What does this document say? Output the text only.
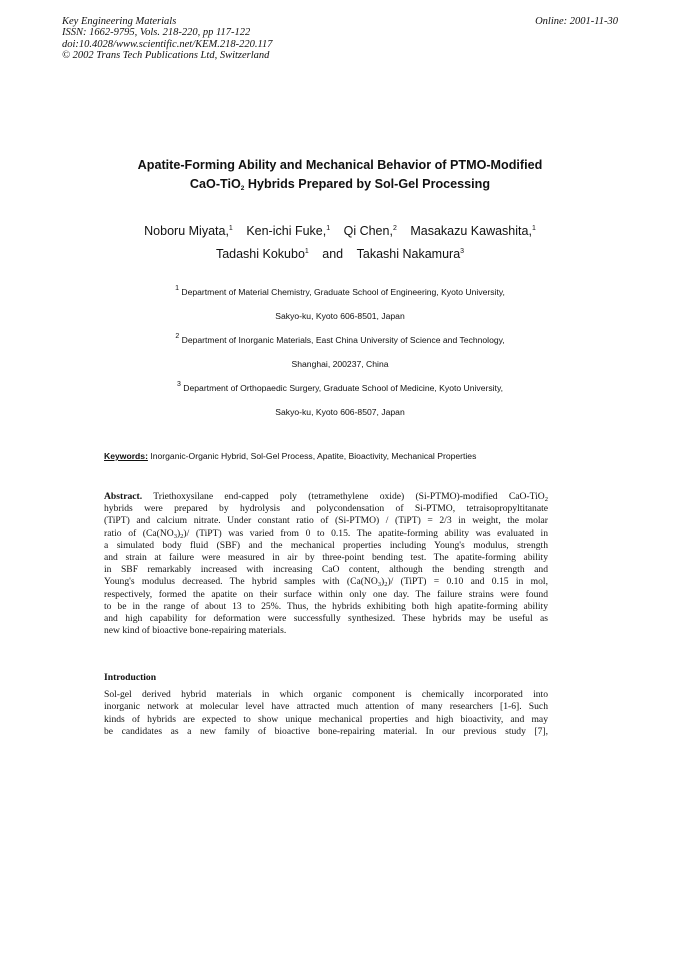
Key Engineering Materials
ISSN: 1662-9795, Vols. 218-220, pp 117-122
doi:10.4028/www.scientific.net/KEM.218-220.117
© 2002 Trans Tech Publications Ltd, Switzerland
Online: 2001-11-30
Apatite-Forming Ability and Mechanical Behavior of PTMO-Modified
CaO-TiO$_2$ Hybrids Prepared by Sol-Gel Processing
Noboru Miyata,$^1$ Ken-ichi Fuke,$^1$ Qi Chen,$^2$ Masakazu Kawashita,$^1$
Tadashi Kokubo$^1$ and Takashi Nakamura$^3$
$^1$ Department of Material Chemistry, Graduate School of Engineering, Kyoto University,
Sakyo-ku, Kyoto 606-8501, Japan
$^2$ Department of Inorganic Materials, East China University of Science and Technology,
Shanghai, 200237, China
$^3$ Department of Orthopaedic Surgery, Graduate School of Medicine, Kyoto University,
Sakyo-ku, Kyoto 606-8507, Japan
Keywords: Inorganic-Organic Hybrid, Sol-Gel Process, Apatite, Bioactivity, Mechanical Properties
Abstract. Triethoxysilane end-capped poly (tetramethylene oxide) (Si-PTMO)-modified CaO-TiO$_2$
hybrids were prepared by hydrolysis and polycondensation of Si-PTMO, tetraisopropyltitanate
(TiPT) and calcium nitrate. Under constant ratio of (Si-PTMO) / (TiPT) = 2/3 in weight, the molar
ratio of $(Ca(NO_3)_2)/$ (TiPT) was varied from 0 to 0.15. The apatite-forming ability was evaluated in
a simulated body fluid (SBF) and the mechanical properties including Young's modulus, strength
and strain at failure were measured in air by three-point bending test. The apatite-forming ability
in SBF remarkably increased with increasing CaO content, although the bending strength and
Young's modulus decreased. The hybrid samples with $(Ca(NO_3)_2)/$ (TiPT) = 0.10 and 0.15 in mol,
respectively, formed the apatite on their surface within only one day. The failure strains were found
to be in the range of about 13 to 25%. Thus, the hybrids exhibiting both high apatite-forming ability
and high capability for deformation were successfully synthesized. These hybrids may be useful as
new kind of bioactive bone-repairing materials.
Introduction
Sol-gel derived hybrid materials in which organic component is chemically incorporated into
inorganic network at molecular level have attracted much attention of many researchers [1-6]. Such
kinds of hybrids are expected to show unique mechanical properties and high bioactivity, and may
be candidates as a new family of bioactive bone-repairing material. In our previous study [7],
